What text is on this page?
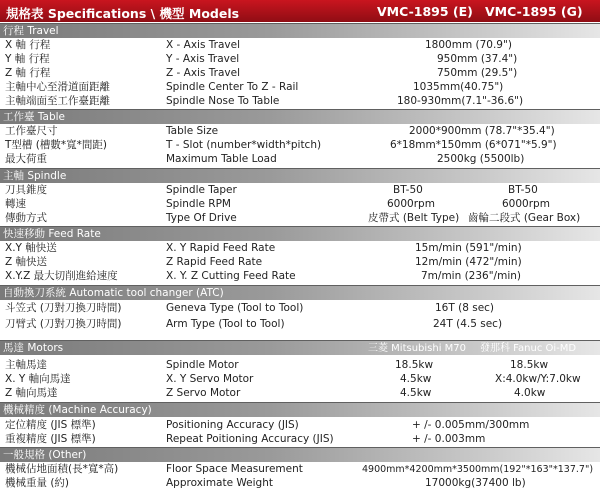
規格表 Specifications \ 機型 Models	VMC-1895 (E) VMC-1895 (G)
行程 Travel
X 軸 行程	X - Axis Travel	1800mm (70.9")
Y 軸 行程	Y - Axis Travel	950mm (37.4")
Z 軸 行程	Z - Axis Travel	750mm (29.5")
主軸中心至滑道面距離	Spindle Center To Z - Rail	1035mm(40.75")
主軸端面至工作臺距離	Spindle Nose To Table	180-930mm(7.1"-36.6")
工作臺 Table
工作臺尺寸	Table Size	2000*900mm (78.7"*35.4")
T型槽 (槽數*寬*間距)	T - Slot (number*width*pitch)	6*18mm*150mm (6*071"*5.9")
最大荷重	Maximum Table Load	2500kg (5500lb)
主軸 Spindle
刀具錐度	Spindle Taper	BT-50	BT-50
轉速	Spindle RPM	6000rpm	6000rpm
傳動方式	Type Of Drive	皮帶式 (Belt Type) 齒輪二段式 (Gear Box)
快速移動 Feed Rate
X.Y 軸快送	X. Y Rapid Feed Rate	15m/min (591"/min)
Z 軸快送	Z Rapid Feed Rate	12m/min (472"/min)
X.Y.Z 最大切削進給速度	X. Y. Z Cutting Feed Rate	7m/min (236"/min)
自動換刀系統 Automatic tool changer (ATC)
斗笠式 (刀對刀換刀時間)	Geneva Type (Tool to Tool)	16T (8 sec)
刀臂式 (刀對刀換刀時間)	Arm Type (Tool to Tool)	24T (4.5 sec)
馬達 Motors	三菱 Mitsubishi M70 發那科 Fanuc Oi-MD
主軸馬達	Spindle Motor	18.5kw	18.5kw
X. Y 軸向馬達	X. Y Servo Motor	4.5kw	X:4.0kw/Y:7.0kw
Z 軸向馬達	Z Servo Motor	4.5kw	4.0kw
機械精度 (Machine Accuracy)
定位精度 (JIS 標準)	Positioning Accuracy (JIS)	+ /- 0.005mm/300mm
重複精度 (JIS 標準)	Repeat Poitioning Accuracy (JIS)	+ /- 0.003mm
一般規格 (Other)
機械佔地面積(長*寬*高)	Floor Space Measurement	4900mm*4200mm*3500mm(192"*163"*137.7")
機械重量 (約)	Approximate Weight	17000kg(37400 lb)
